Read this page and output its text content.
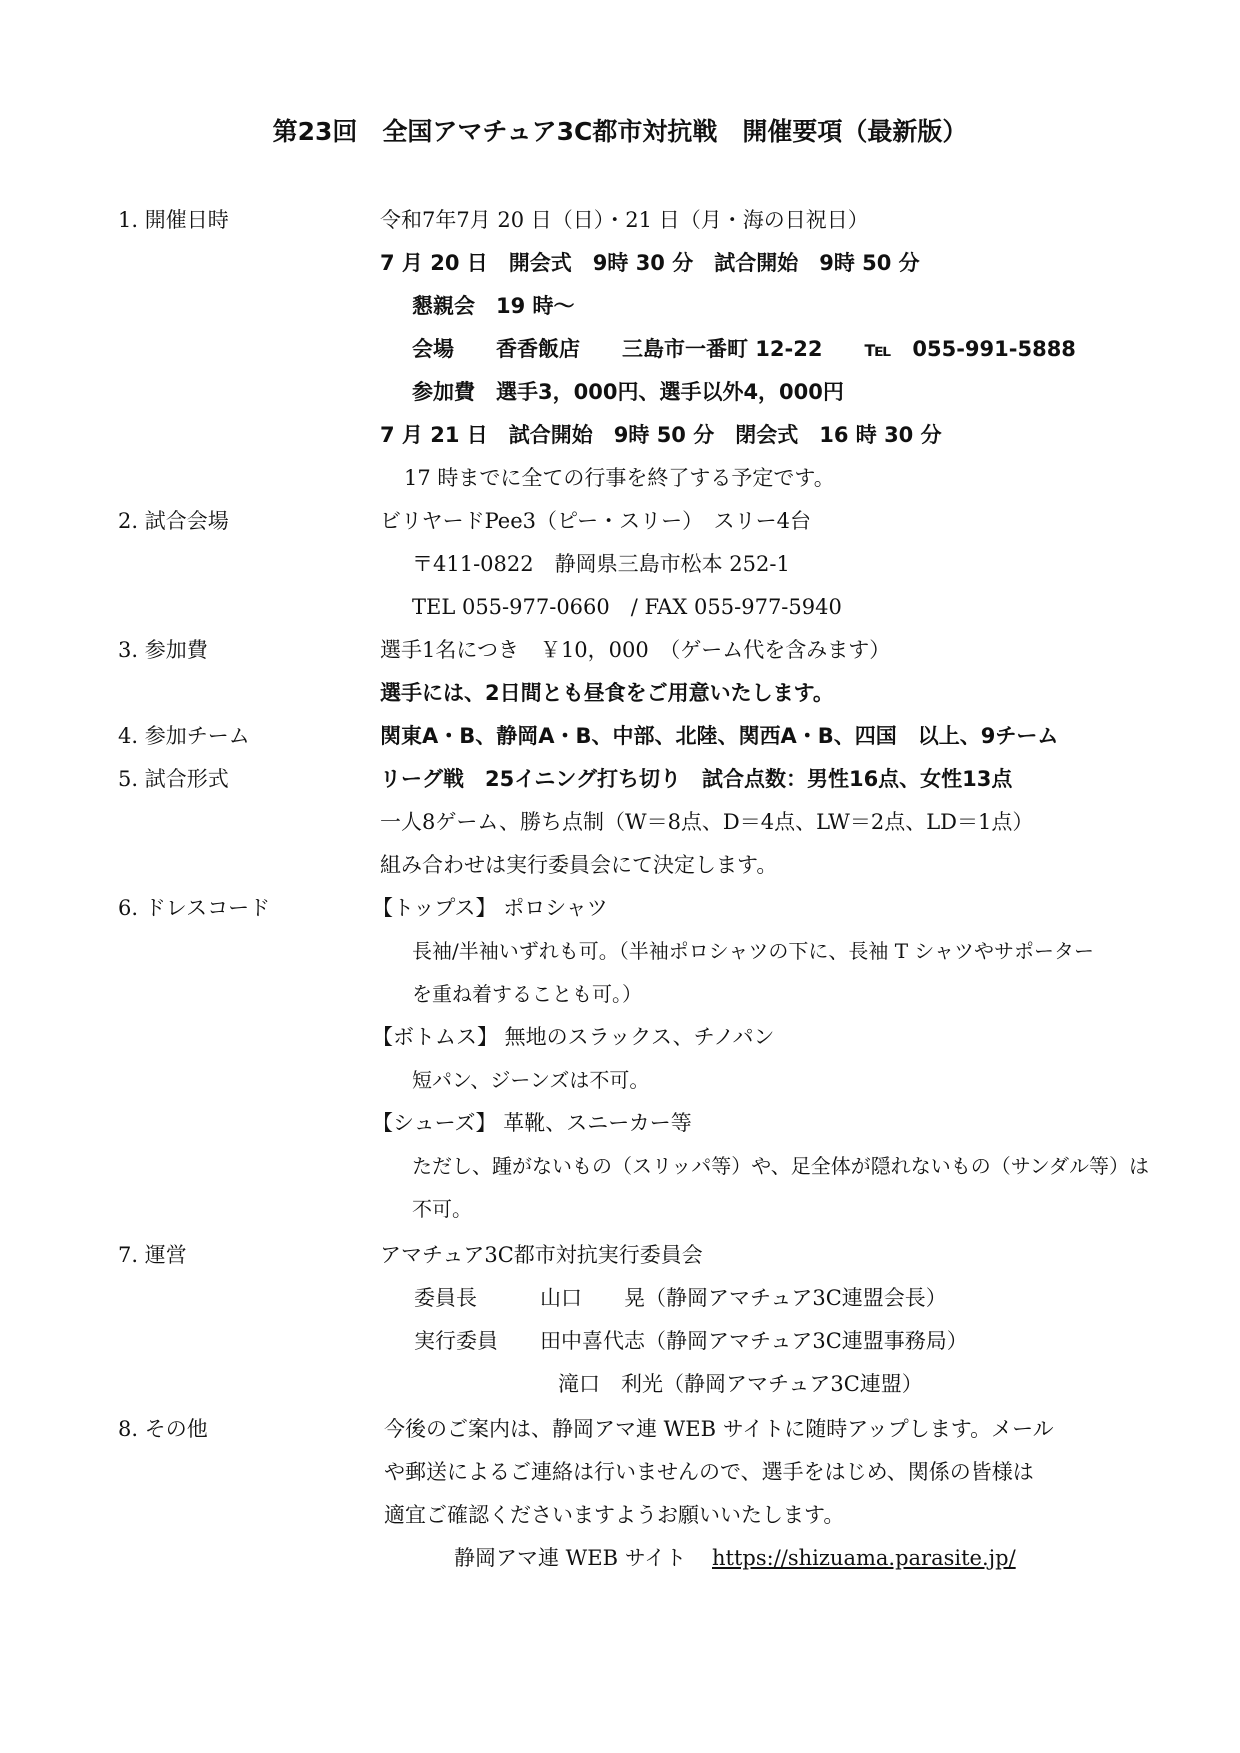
第23回　全国アマチュア3C都市対抗戦　開催要項（最新版）
1. 開催日時	令和7年7月 20 日（日）・21 日（月・海の日祝日）
7 月 20 日　開会式　9時 30 分　試合開始　9時 50 分
懇親会　19 時～
会場　　香香飯店　　三島市一番町 12-22　　℡　055-991-5888
参加費　選手3，000円、選手以外4，000円
7 月 21 日　試合開始　9時 50 分　閉会式　16 時 30 分
17 時までに全ての行事を終了する予定です。
2. 試合会場	ビリヤードPee3（ピー・スリー）　スリー4台
〒411-0822　静岡県三島市松本 252-1
TEL 055-977-0660　/ FAX 055-977-5940
3. 参加費	選手1名につき　￥10，000　（ゲーム代を含みます）
選手には、2日間とも昼食をご用意いたします。
4. 参加チーム	関東A・B、静岡A・B、中部、北陸、関西A・B、四国　以上、9チーム
5. 試合形式	リーグ戦　25イニング打ち切り　試合点数：男性16点、女性13点
一人8ゲーム、勝ち点制（W＝8点、D＝4点、LW＝2点、LD＝1点）
組み合わせは実行委員会にて決定します。
6. ドレスコード	【トップス】 ポロシャツ
長袖/半袖いずれも可。（半袖ポロシャツの下に、長袖 T シャツやサポーター
を重ね着することも可。）
【ボトムス】 無地のスラックス、チノパン
短パン、ジーンズは不可。
【シューズ】 革靴、スニーカー等
ただし、踵がないもの（スリッパ等）や、足全体が隠れないもの（サンダル等）は
不可。
7. 運営	アマチュア3C都市対抗実行委員会
委員長　　　山口　　晃（静岡アマチュア3C連盟会長）
実行委員　　田中喜代志（静岡アマチュア3C連盟事務局）
滝口　利光（静岡アマチュア3C連盟）
8. その他	今後のご案内は、静岡アマ連 WEB サイトに随時アップします。メール
や郵送によるご連絡は行いませんので、選手をはじめ、関係の皆様は
適宜ご確認くださいますようお願いいたします。
静岡アマ連 WEB サイト https://shizuama.parasite.jp/
